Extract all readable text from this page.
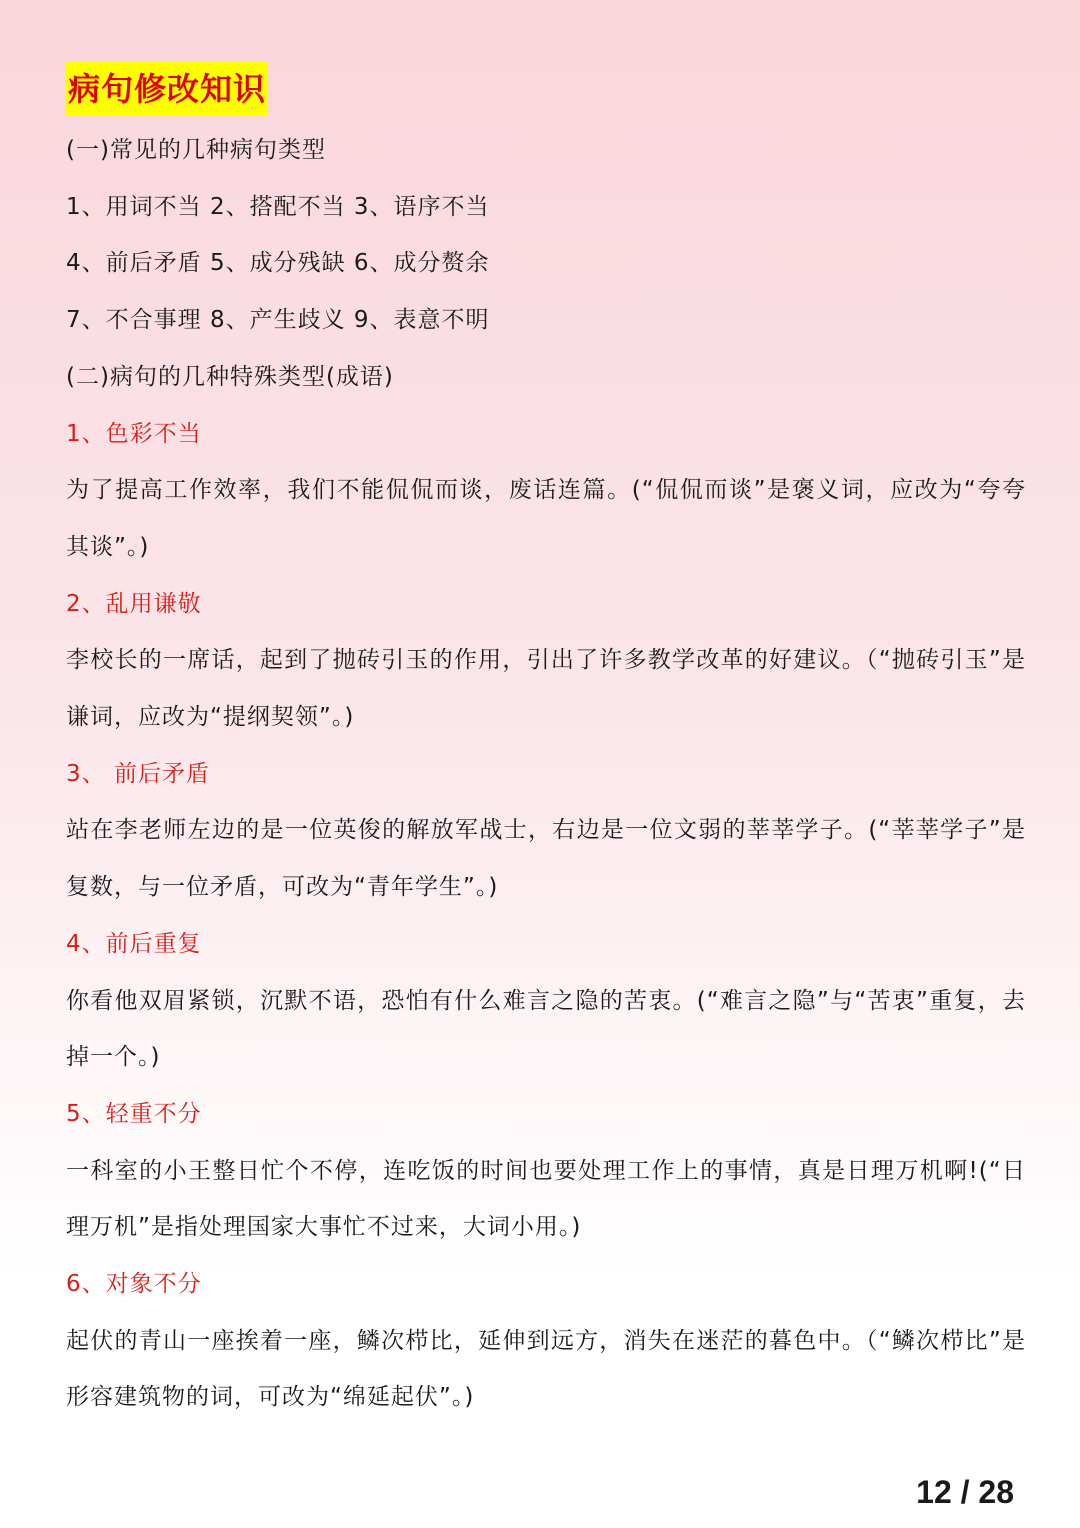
病句修改知识
(一)常见的几种病句类型
1、用词不当 2、搭配不当 3、语序不当
4、前后矛盾 5、成分残缺 6、成分赘余
7、不合事理 8、产生歧义 9、表意不明
(二)病句的几种特殊类型(成语)
1、色彩不当
为了提高工作效率，我们不能侃侃而谈，废话连篇。(“侃侃而谈”是褒义词，应改为“夸夸其谈”。)
2、乱用谦敬
李校长的一席话，起到了抛砖引玉的作用，引出了许多教学改革的好建议。（“抛砖引玉”是谦词，应改为“提纲契领”。)
3、 前后矛盾
站在李老师左边的是一位英俊的解放军战士，右边是一位文弱的莘莘学子。(“莘莘学子”是复数，与一位矛盾，可改为“青年学生”。)
4、前后重复
你看他双眉紧锁，沉默不语，恐怕有什么难言之隐的苦衷。(“难言之隐”与“苦衷”重复，去掉一个。)
5、轻重不分
一科室的小王整日忙个不停，连吃饭的时间也要处理工作上的事情，真是日理万机啊!(“日理万机”是指处理国家大事忙不过来，大词小用。)
6、对象不分
起伏的青山一座挨着一座，鳞次栉比，延伸到远方，消失在迷茫的暮色中。（“鳞次栉比”是形容建筑物的词，可改为“绵延起伏”。)
12 / 28
